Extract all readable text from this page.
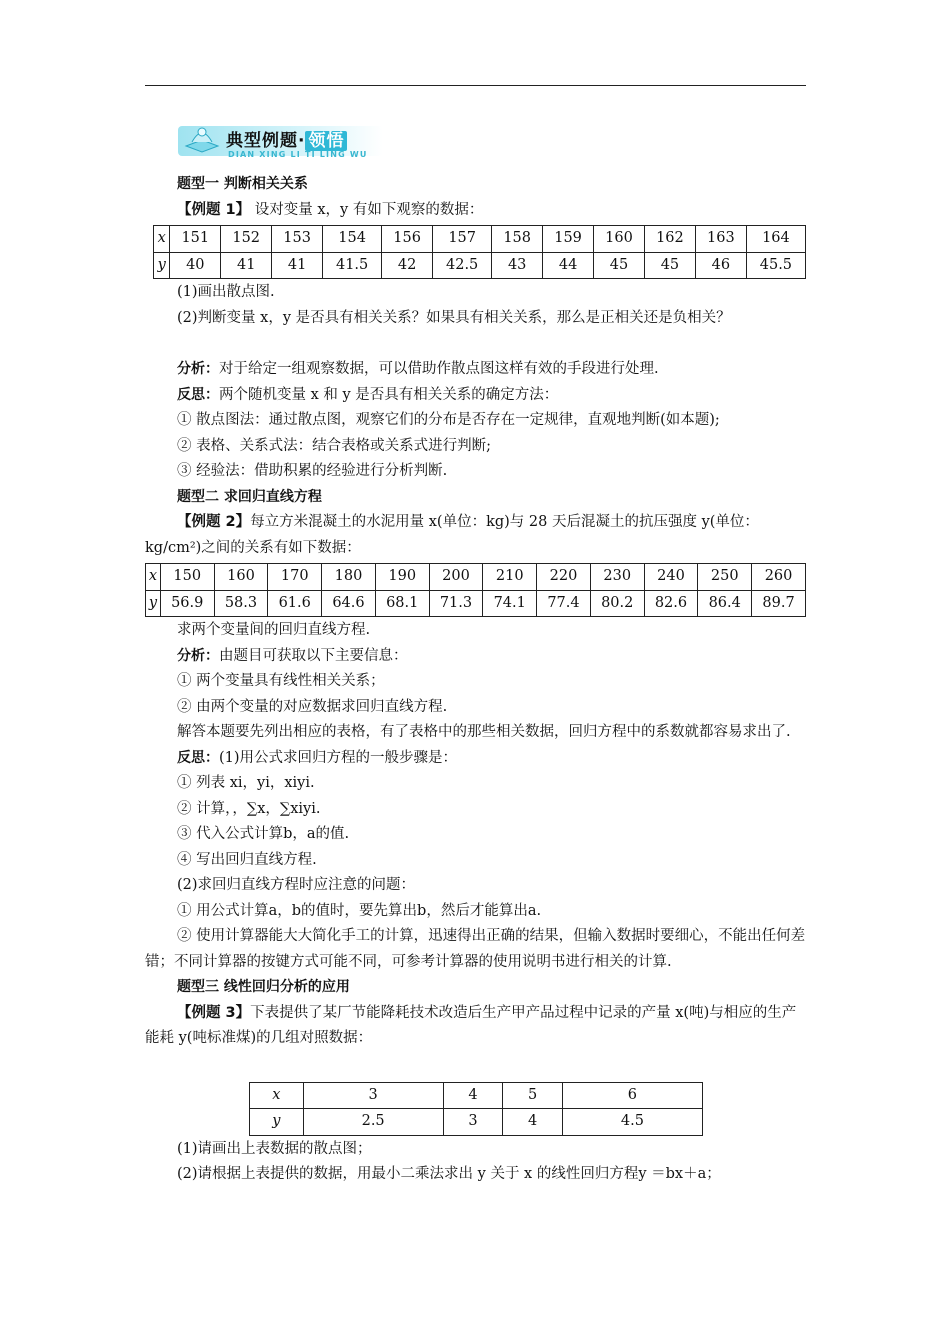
典型例题· 领悟
DIAN XING LI TI LING WU

题型一 判断相关关系

【例题 1】 设对变量 x，y 有如下观察的数据：

x	151	152	153	154	156	157	158	159	160	162	163	164
y	40	41	41	41.5	42	42.5	43	44	45	45	46	45.5

(1)画出散点图.

(2)判断变量 x，y 是否具有相关关系？如果具有相关关系，那么是正相关还是负相关？

分析：对于给定一组观察数据，可以借助作散点图这样有效的手段进行处理.

反思：两个随机变量 x 和 y 是否具有相关关系的确定方法：

① 散点图法：通过散点图，观察它们的分布是否存在一定规律，直观地判断(如本题);

② 表格、关系式法：结合表格或关系式进行判断;

③ 经验法：借助积累的经验进行分析判断.

题型二 求回归直线方程

【例题 2】每立方米混凝土的水泥用量 x(单位：kg)与 28 天后混凝土的抗压强度 y(单位：kg/cm²)之间的关系有如下数据：

x	150	160	170	180	190	200	210	220	230	240	250	260
y	56.9	58.3	61.6	64.6	68.1	71.3	74.1	77.4	80.2	82.6	86.4	89.7

求两个变量间的回归直线方程.

分析：由题目可获取以下主要信息：

① 两个变量具有线性相关关系；

② 由两个变量的对应数据求回归直线方程.

解答本题要先列出相应的表格，有了表格中的那些相关数据，回归方程中的系数就都容易求出了.

反思：(1)用公式求回归方程的一般步骤是：

① 列表 xi，yi，xiyi.

② 计算，，∑x，∑xiyi.

③ 代入公式计算b，a的值.

④ 写出回归直线方程.

(2)求回归直线方程时应注意的问题：

① 用公式计算a，b的值时，要先算出b，然后才能算出a.

② 使用计算器能大大简化手工的计算，迅速得出正确的结果，但输入数据时要细心，不能出任何差错；不同计算器的按键方式可能不同，可参考计算器的使用说明书进行相关的计算.

题型三 线性回归分析的应用

【例题 3】下表提供了某厂节能降耗技术改造后生产甲产品过程中记录的产量 x(吨)与相应的生产能耗 y(吨标准煤)的几组对照数据：

x	3	4	5	6
y	2.5	3	4	4.5

(1)请画出上表数据的散点图；

(2)请根据上表提供的数据，用最小二乘法求出 y 关于 x 的线性回归方程y ＝bx＋a；
